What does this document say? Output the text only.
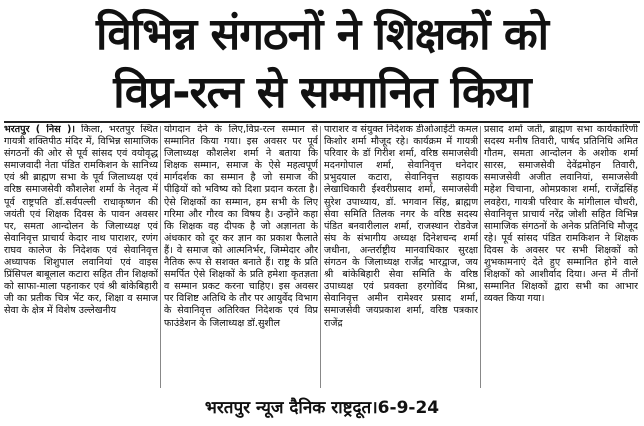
विभिन्न संगठनों ने शिक्षकों को
विप्र-रत्न से सम्मानित किया

भरतपुर ( निस )। किला, भरतपुर स्थित गायत्री शक्तिपीठ मंदिर में, विभिन्न सामाजिक संगठनों की ओर से पूर्व सांसद एवं वयोवृद्ध समाजवादी नेता पंडित रामकिशन के सानिध्य एवं श्री ब्राह्मण सभा के पूर्व जिलाध्यक्ष एवं वरिष्ठ समाजसेवी कौशलेश शर्मा के नेतृत्व में पूर्व राष्ट्रपति डॉ.सर्वपल्ली राधाकृष्णन की जयंती एवं शिक्षक दिवस के पावन अवसर पर, समता आन्दोलन के जिलाध्यक्ष एवं सेवानिवृत्त प्राचार्य केदार नाथ पाराशर, रणंग राघव कालेज के निदेशक एवं सेवानिवृत्त अध्यापक शिशुपाल लवानियां एवं वाइस प्रिंसिपल बाबूलाल कटारा सहित तीन शिक्षकों को साफा-माला पहनाकर एवं श्री बांकेबिहारी जी का प्रतीक चित्र भेंट कर, शिक्षा व समाज सेवा के क्षेत्र में विशेष उल्लेखनीय

योगदान देने के लिए,विप्र-रत्न सम्मान से सम्मानित किया गया। इस अवसर पर पूर्व जिलाध्यक्ष कौशलेश शर्मा ने बताया कि शिक्षक सम्मान, समाज के ऐसे महत्वपूर्ण मार्गदर्शक का सम्मान है जो समाज की पीढ़ियों को भविष्य को दिशा प्रदान करता है। ऐसे शिक्षकों का सम्मान, हम सभी के लिए गरिमा और गौरव का विषय है। उन्होंने कहा कि शिक्षक वह दीपक है जो अज्ञानता के अंधकार को दूर कर ज्ञान का प्रकाश फैलाते हैं। वे समाज को आत्मनिर्भर, जिम्मेदार और नैतिक रूप से सशक्त बनाते हैं। राष्ट्र के प्रति समर्पित ऐसे शिक्षकों के प्रति हमेशा कृतज्ञता व सम्मान प्रकट करना चाहिए। इस अवसर पर विशिष्ट अतिथि के तौर पर आयुर्वेद विभाग के सेवानिवृत्त अतिरिक्त निदेशक एवं विप्र फाउंडेशन के जिलाध्यक्ष डॉ.सुशील

पाराशर व संयुक्त निदेशक डीओआईटी कमल किशोर शर्मा मौजूद रहे। कार्यक्रम में गायत्री परिवार के डॉ गिरीश शर्मा, वरिष्ठ समाजसेवी मदनगोपाल शर्मा, सेवानिवृत्त धनेदार प्रभुदयाल कटारा, सेवानिवृत्त सहायक लेखाधिकारी ईश्वरीप्रसाद शर्मा, समाजसेवी सुरेश उपाध्याय, डॉ. भगवान सिंह, ब्राह्मण सेवा समिति तिलक नगर के वरिष्ठ सदस्य पंडित बनवारीलाल शर्मा, राजस्थान रोडवेज संघ के संभागीय अध्यक्ष दिनेशचन्द शर्मा जधीना, अन्तर्राष्ट्रीय मानवाधिकार सुरक्षा संगठन के जिलाध्यक्ष राजेंद्र भारद्वाज, जय श्री बांकेबिहारी सेवा समिति के वरिष्ठ उपाध्यक्ष एवं प्रवक्ता हरगोविंद मिश्रा, सेवानिवृत्त अमीन रामेश्वर प्रसाद शर्मा, समाजसेवी जयप्रकाश शर्मा, वरिष्ठ पत्रकार राजेंद्र

प्रसाद शर्मा जती, ब्राह्मण सभा कार्यकारिणी सदस्य मनीष तिवारी, पार्षद प्रतिनिधि अमित गौतम, समता आन्दोलन के अशोक शर्मा सारस, समाजसेवी देवेंद्रमोहन तिवारी, समाजसेवी अजीत लवानियां, समाजसेवी महेश चिचाना, ओमप्रकाश शर्मा, राजेंद्रसिंह लवहेरा, गायत्री परिवार के मांगीलाल चौधरी, सेवानिवृत्त प्राचार्य नरेंद्र जोशी सहित विभिन्न सामाजिक संगठनों के अनेक प्रतिनिधि मौजूद रहे। पूर्व सांसद पंडित रामकिशन ने शिक्षक दिवस के अवसर पर सभी शिक्षकों को शुभकामनाएं देते हुए सम्मानित होने वाले शिक्षकों को आशीर्वाद दिया। अन्त में तीनों सम्मानित शिक्षकों द्वारा सभी का आभार व्यक्त किया गया।

भरतपुर न्यूज दैनिक राष्ट्रदूत।6-9-24
